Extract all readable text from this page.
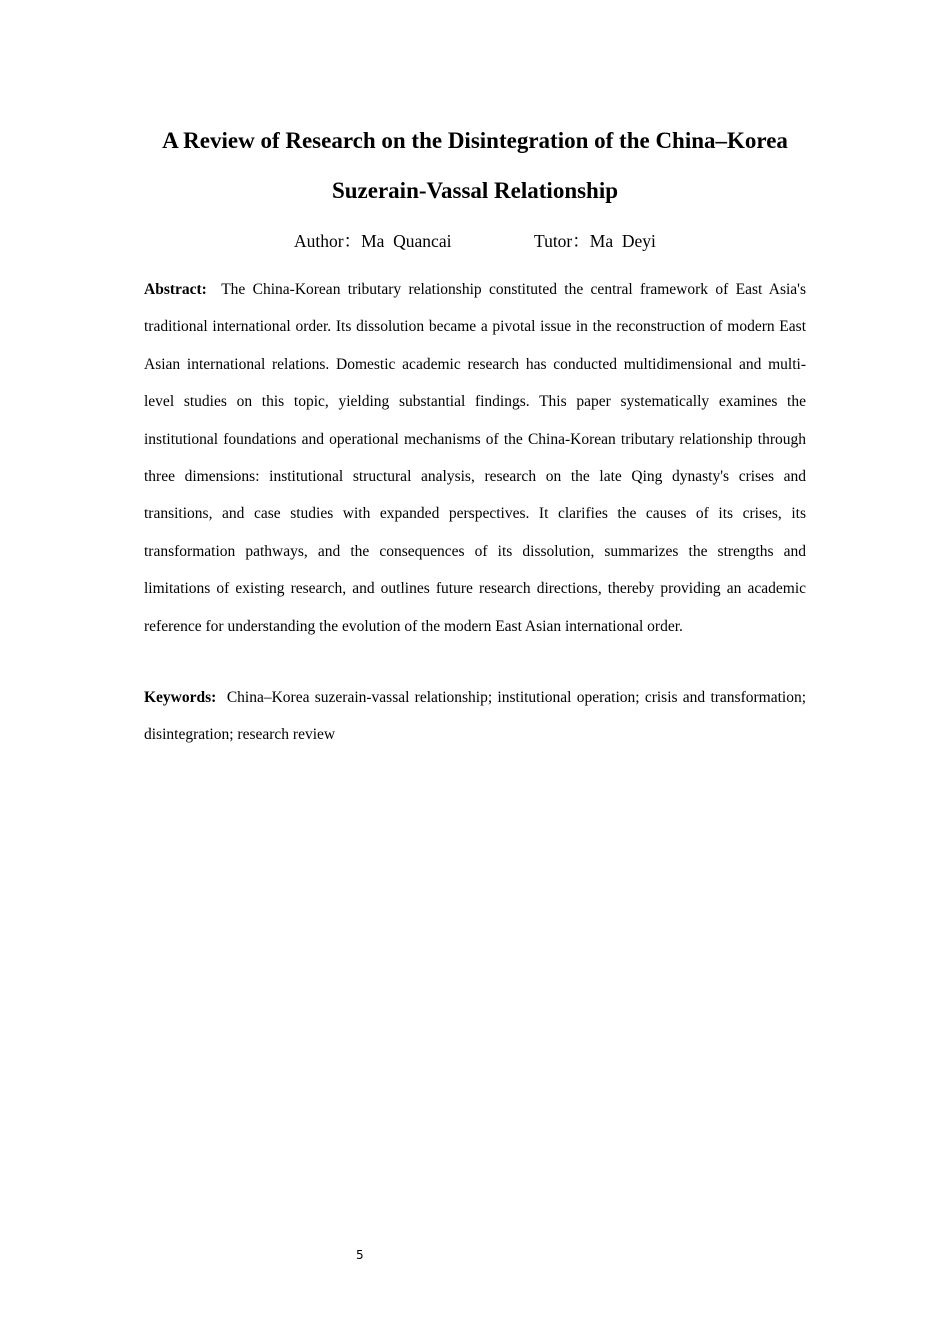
A Review of Research on the Disintegration of the China–Korea Suzerain-Vassal Relationship
Author：Ma  Quancai	Tutor：Ma  Deyi

Abstract: The China-Korean tributary relationship constituted the central framework of East Asia's traditional international order. Its dissolution became a pivotal issue in the reconstruction of modern East Asian international relations. Domestic academic research has conducted multidimensional and multi-level studies on this topic, yielding substantial findings. This paper systematically examines the institutional foundations and operational mechanisms of the China-Korean tributary relationship through three dimensions: institutional structural analysis, research on the late Qing dynasty's crises and transitions, and case studies with expanded perspectives. It clarifies the causes of its crises, its transformation pathways, and the consequences of its dissolution, summarizes the strengths and limitations of existing research, and outlines future research directions, thereby providing an academic reference for understanding the evolution of the modern East Asian international order.

Keywords: China–Korea suzerain-vassal relationship; institutional operation; crisis and transformation; disintegration; research review

5
